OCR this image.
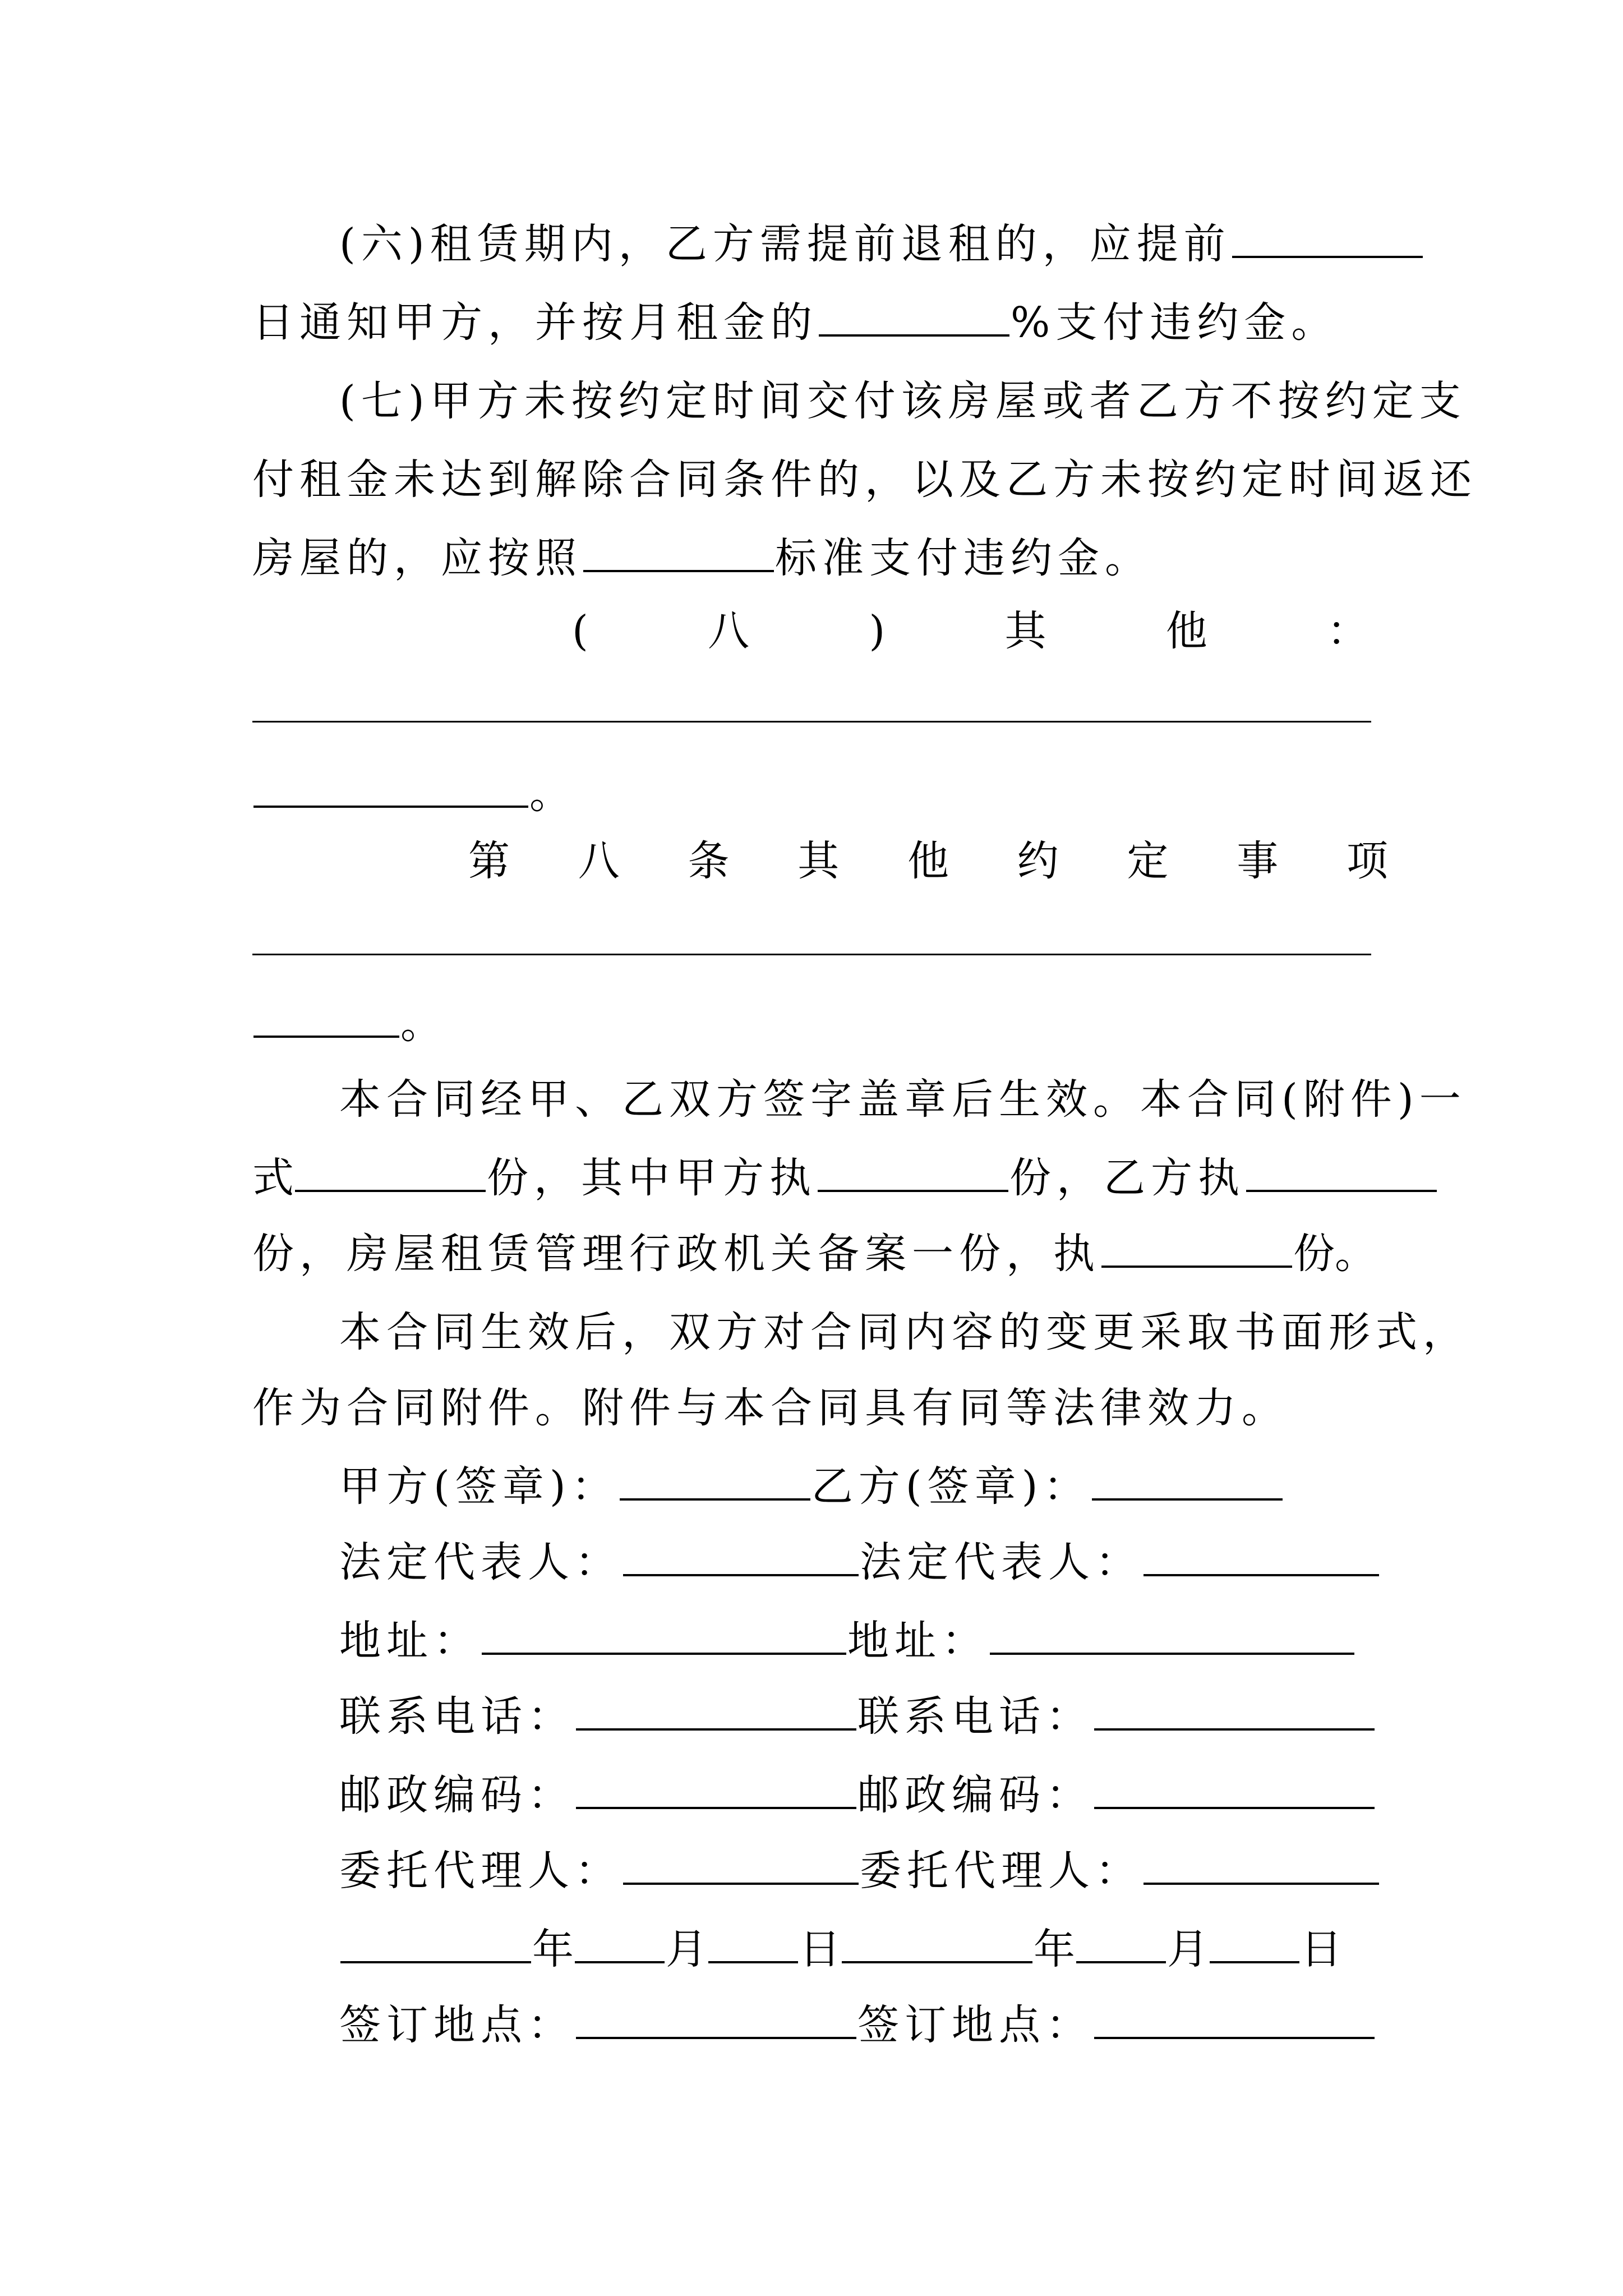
(六)租赁期内，乙方需提前退租的，应提前
日通知甲方，并按月租金的	%支付违约金。
(七)甲方未按约定时间交付该房屋或者乙方不按约定支
付租金未达到解除合同条件的，以及乙方未按约定时间返还
房屋的，应按照	标准支付违约金。
(	八	)	其	他	：
。
第 八 条 其 他 约 定 事 项
。
本合同经甲、乙双方签字盖章后生效。本合同(附件)一
式	份，其中甲方执	份，乙方执
份，房屋租赁管理行政机关备案一份，执	份。
本合同生效后，双方对合同内容的变更采取书面形式，
作为合同附件。附件与本合同具有同等法律效力。
甲方(签章)：	乙方(签章)：
法定代表人：	法定代表人：
地址：	地址：
联系电话：	联系电话：
邮政编码：	邮政编码：
委托代理人：	委托代理人：
年 月 日	年 月 日
签订地点：	签订地点：
